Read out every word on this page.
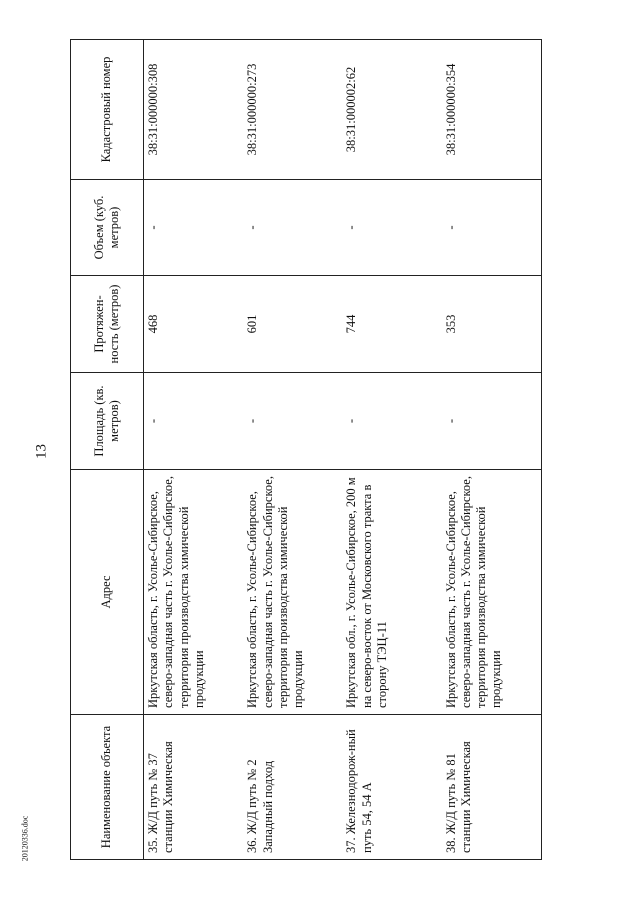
13
20120336.doc	Наименование объекта	Адрес	Площадь (кв. метров)	Протяжен-ность (метров)	Объем (куб. метров)	Кадастровый номер
35. Ж/Д путь № 37 станции Химическая	Иркутская область, г. Усолье-Сибирское, северо-западная часть г. Усолье-Сибирское, территория производства химической продукции	-	468	-	38:31:000000:308
36. Ж/Д путь № 2 Западный подход	Иркутская область, г. Усолье-Сибирское, северо-западная часть г. Усолье-Сибирское, территория производства химической продукции	-	601	-	38:31:000000:273
37. Железнодорож-ный путь 54, 54 А	Иркутская обл., г. Усолье-Сибирское, 200 м на северо-восток от Московского тракта в сторону ТЭЦ-11	-	744	-	38:31:000002:62
38. Ж/Д путь № 81 станции Химическая	Иркутская область, г. Усолье-Сибирское, северо-западная часть г. Усолье-Сибирское, территория производства химической продукции	-	353	-	38:31:000000:354
